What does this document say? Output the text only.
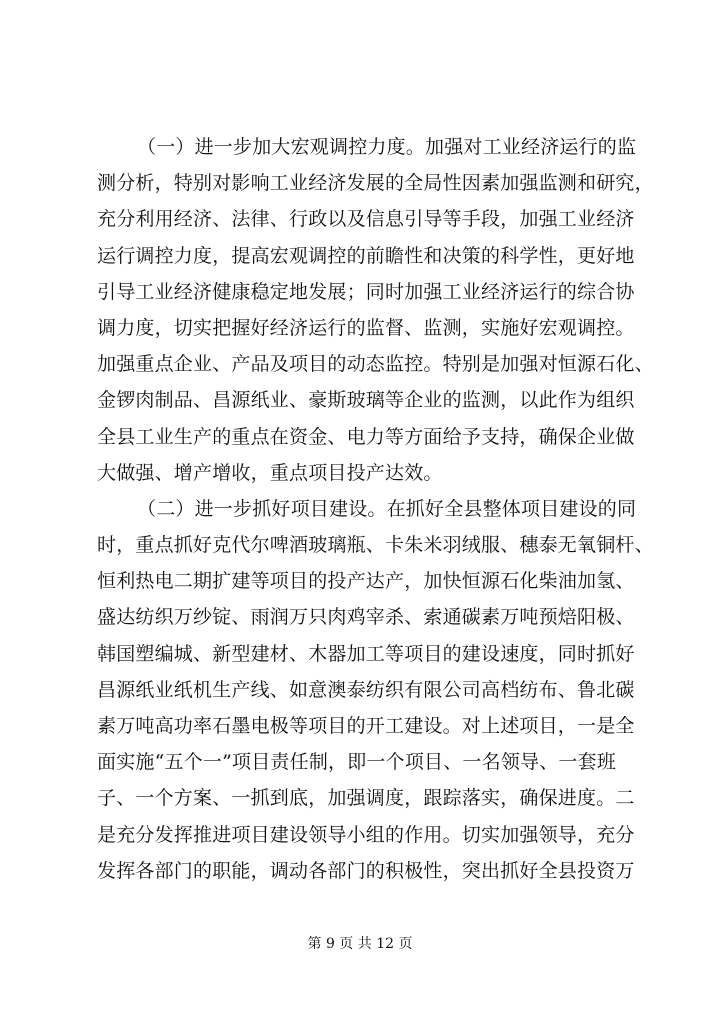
（一）进一步加大宏观调控力度。加强对工业经济运行的监
测分析，特别对影响工业经济发展的全局性因素加强监测和研究，
充分利用经济、法律、行政以及信息引导等手段，加强工业经济
运行调控力度，提高宏观调控的前瞻性和决策的科学性，更好地
引导工业经济健康稳定地发展；同时加强工业经济运行的综合协
调力度，切实把握好经济运行的监督、监测，实施好宏观调控。
加强重点企业、产品及项目的动态监控。特别是加强对恒源石化、
金锣肉制品、昌源纸业、豪斯玻璃等企业的监测，以此作为组织
全县工业生产的重点在资金、电力等方面给予支持，确保企业做
大做强、增产增收，重点项目投产达效。
（二）进一步抓好项目建设。在抓好全县整体项目建设的同
时，重点抓好克代尔啤酒玻璃瓶、卡朱米羽绒服、穗泰无氧铜杆、
恒利热电二期扩建等项目的投产达产，加快恒源石化柴油加氢、
盛达纺织万纱锭、雨润万只肉鸡宰杀、索通碳素万吨预焙阳极、
韩国塑编城、新型建材、木器加工等项目的建设速度，同时抓好
昌源纸业纸机生产线、如意澳泰纺织有限公司高档纺布、鲁北碳
素万吨高功率石墨电极等项目的开工建设。对上述项目，一是全
面实施“五个一”项目责任制，即一个项目、一名领导、一套班
子、一个方案、一抓到底，加强调度，跟踪落实，确保进度。二
是充分发挥推进项目建设领导小组的作用。切实加强领导，充分
发挥各部门的职能，调动各部门的积极性，突出抓好全县投资万
第 9 页 共 12 页
